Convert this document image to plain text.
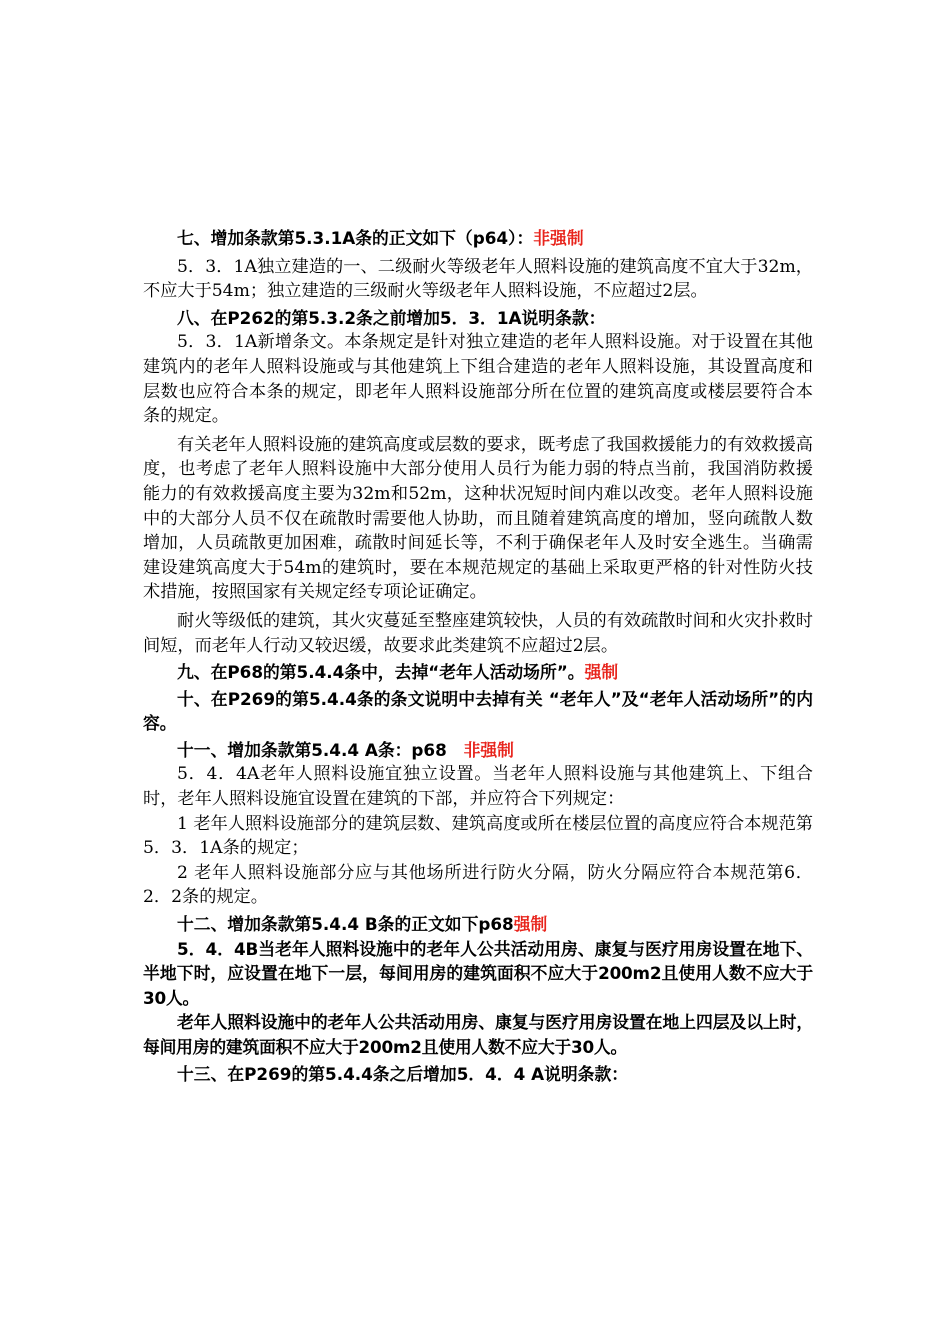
七、增加条款第5.3.1A条的正文如下（p64）：非强制

5．3．1A独立建造的一、二级耐火等级老年人照料设施的建筑高度不宜大于32m，不应大于54m；独立建造的三级耐火等级老年人照料设施，不应超过2层。

八、在P262的第5.3.2条之前增加5．3．1A说明条款：

5．3．1A新增条文。本条规定是针对独立建造的老年人照料设施。对于设置在其他建筑内的老年人照料设施或与其他建筑上下组合建造的老年人照料设施，其设置高度和层数也应符合本条的规定，即老年人照料设施部分所在位置的建筑高度或楼层要符合本条的规定。

有关老年人照料设施的建筑高度或层数的要求，既考虑了我国救援能力的有效救援高度，也考虑了老年人照料设施中大部分使用人员行为能力弱的特点当前，我国消防救援能力的有效救援高度主要为32m和52m，这种状况短时间内难以改变。老年人照料设施中的大部分人员不仅在疏散时需要他人协助，而且随着建筑高度的增加，竖向疏散人数增加，人员疏散更加困难，疏散时间延长等，不利于确保老年人及时安全逃生。当确需建设建筑高度大于54m的建筑时，要在本规范规定的基础上采取更严格的针对性防火技术措施，按照国家有关规定经专项论证确定。

耐火等级低的建筑，其火灾蔓延至整座建筑较快，人员的有效疏散时间和火灾扑救时间短，而老年人行动又较迟缓，故要求此类建筑不应超过2层。

九、在P68的第5.4.4条中，去掉“老年人活动场所”。强制

十、在P269的第5.4.4条的条文说明中去掉有关 “老年人”及“老年人活动场所”的内容。

十一、增加条款第5.4.4 A条：p68　非强制

5．4．4A老年人照料设施宜独立设置。当老年人照料设施与其他建筑上、下组合时，老年人照料设施宜设置在建筑的下部，并应符合下列规定：

1 老年人照料设施部分的建筑层数、建筑高度或所在楼层位置的高度应符合本规范第5．3．1A条的规定；

2 老年人照料设施部分应与其他场所进行防火分隔，防火分隔应符合本规范第6．2．2条的规定。

十二、增加条款第5.4.4 B条的正文如下p68强制

5．4．4B当老年人照料设施中的老年人公共活动用房、康复与医疗用房设置在地下、半地下时，应设置在地下一层，每间用房的建筑面积不应大于200m2且使用人数不应大于30人。

老年人照料设施中的老年人公共活动用房、康复与医疗用房设置在地上四层及以上时，每间用房的建筑面积不应大于200m2且使用人数不应大于30人。

十三、在P269的第5.4.4条之后增加5．4．4 A说明条款：
